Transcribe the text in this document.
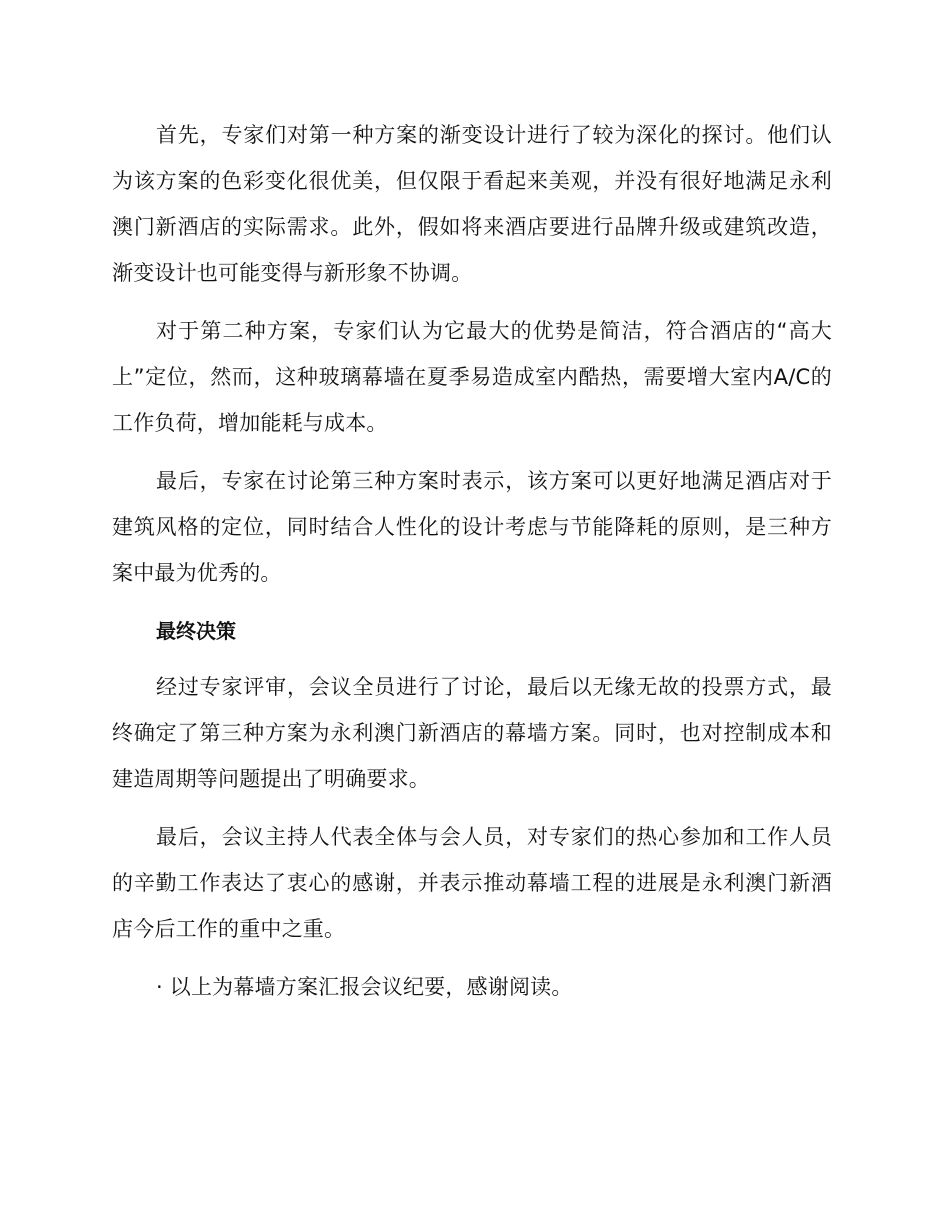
首先，专家们对第一种方案的渐变设计进行了较为深化的探讨。他们认为该方案的色彩变化很优美，但仅限于看起来美观，并没有很好地满足永利澳门新酒店的实际需求。此外，假如将来酒店要进行品牌升级或建筑改造，渐变设计也可能变得与新形象不协调。

对于第二种方案，专家们认为它最大的优势是简洁，符合酒店的“高大上”定位，然而，这种玻璃幕墙在夏季易造成室内酷热，需要增大室内A/C的工作负荷，增加能耗与成本。

最后，专家在讨论第三种方案时表示，该方案可以更好地满足酒店对于建筑风格的定位，同时结合人性化的设计考虑与节能降耗的原则，是三种方案中最为优秀的。

最终决策

经过专家评审，会议全员进行了讨论，最后以无缘无故的投票方式，最终确定了第三种方案为永利澳门新酒店的幕墙方案。同时，也对控制成本和建造周期等问题提出了明确要求。

最后，会议主持人代表全体与会人员，对专家们的热心参加和工作人员的辛勤工作表达了衷心的感谢，并表示推动幕墙工程的进展是永利澳门新酒店今后工作的重中之重。

· 以上为幕墙方案汇报会议纪要，感谢阅读。
